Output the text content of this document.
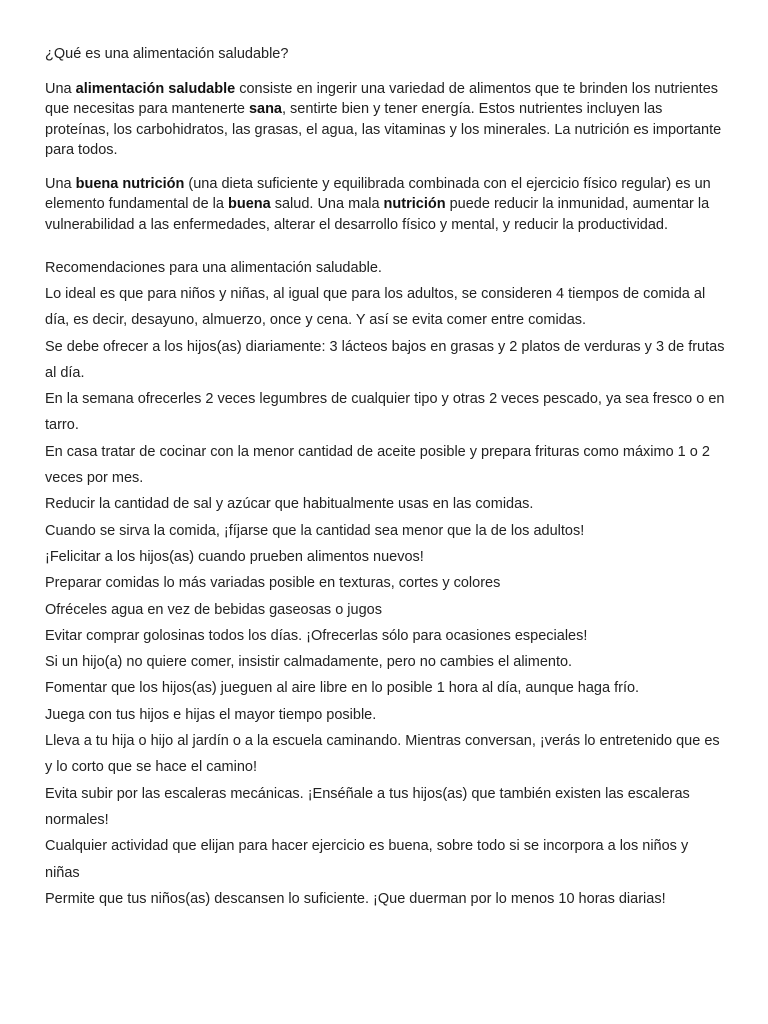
¿Qué es una alimentación saludable?

Una alimentación saludable consiste en ingerir una variedad de alimentos que te brinden los nutrientes que necesitas para mantenerte sana, sentirte bien y tener energía. Estos nutrientes incluyen las proteínas, los carbohidratos, las grasas, el agua, las vitaminas y los minerales. La nutrición es importante para todos.

Una buena nutrición (una dieta suficiente y equilibrada combinada con el ejercicio físico regular) es un elemento fundamental de la buena salud. Una mala nutrición puede reducir la inmunidad, aumentar la vulnerabilidad a las enfermedades, alterar el desarrollo físico y mental, y reducir la productividad.

Recomendaciones para una alimentación saludable.

Lo ideal es que para niños y niñas, al igual que para los adultos, se consideren 4 tiempos de comida al día, es decir, desayuno, almuerzo, once y cena. Y así se evita comer entre comidas.
Se debe ofrecer a los hijos(as) diariamente: 3 lácteos bajos en grasas y 2 platos de verduras y 3 de frutas al día.
En la semana ofrecerles 2 veces legumbres de cualquier tipo y otras 2 veces pescado, ya sea fresco o en tarro.
En casa tratar de cocinar con la menor cantidad de aceite posible y prepara frituras como máximo 1 o 2 veces por mes.
Reducir la cantidad de sal y azúcar que habitualmente usas en las comidas.
Cuando se sirva la comida, ¡fíjarse que la cantidad sea menor que la de los adultos!
¡Felicitar a los hijos(as) cuando prueben alimentos nuevos!
Preparar comidas lo más variadas posible en texturas, cortes y colores
Ofréceles agua en vez de bebidas gaseosas o jugos
Evitar comprar golosinas todos los días. ¡Ofrecerlas sólo para ocasiones especiales!
Si un hijo(a) no quiere comer, insistir calmadamente, pero no cambies el alimento.
Fomentar que los hijos(as) jueguen al aire libre en lo posible 1 hora al día, aunque haga frío.
Juega con tus hijos e hijas el mayor tiempo posible.
Lleva a tu hija o hijo al jardín o a la escuela caminando. Mientras conversan, ¡verás lo entretenido que es y lo corto que se hace el camino!
Evita subir por las escaleras mecánicas. ¡Enséñale a tus hijos(as) que también existen las escaleras normales!
Cualquier actividad que elijan para hacer ejercicio es buena, sobre todo si se incorpora a los niños y niñas
Permite que tus niños(as) descansen lo suficiente. ¡Que duerman por lo menos 10 horas diarias!
